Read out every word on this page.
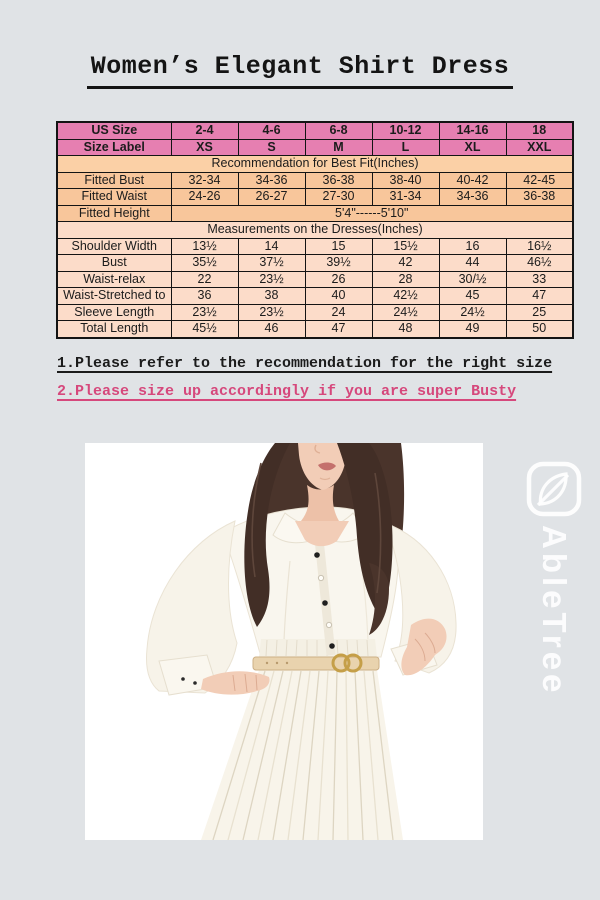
Women’s Elegant Shirt Dress
US Size	2-4	4-6	6-8	10-12	14-16	18
Size Label	XS	S	M	L	XL	XXL
Recommendation for Best Fit(Inches)						
Fitted Bust	32-34	34-36	36-38	38-40	40-42	42-45
Fitted Waist	24-26	26-27	27-30	31-34	34-36	36-38
Fitted Height	5'4"------5'10"					
Measurements on the Dresses(Inches)						
Shoulder Width	13½	14	15	15½	16	16½
Bust	35½	37½	39½	42	44	46½
Waist-relax	22	23½	26	28	30/½	33
Waist-Stretched to	36	38	40	42½	45	47
Sleeve Length	23½	23½	24	24½	24½	25
Total Length	45½	46	47	48	49	50

1.Please refer to the recommendation for the right size

2.Please size up accordingly if you are super Busty

AbleTree
